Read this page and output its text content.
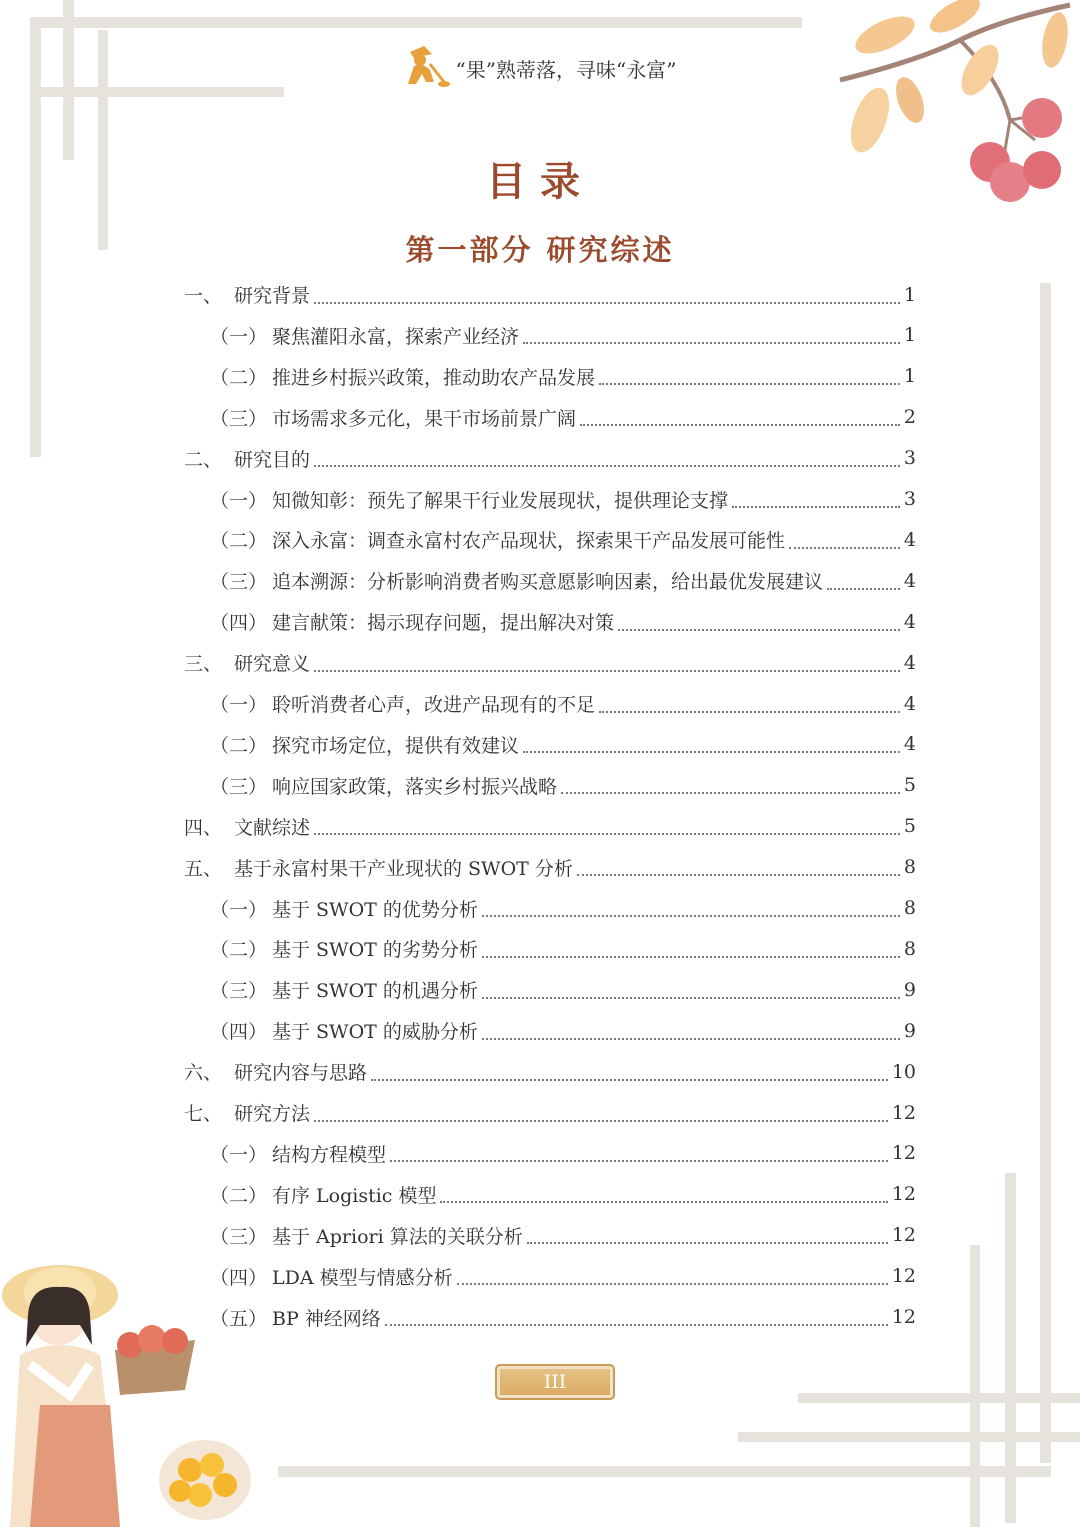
“果”熟蒂落，寻味“永富”
目录
第一部分 研究综述
一、 研究背景	1
（一） 聚焦灌阳永富，探索产业经济	1
（二） 推进乡村振兴政策，推动助农产品发展	1
（三） 市场需求多元化，果干市场前景广阔	2
二、 研究目的	3
（一） 知微知彰：预先了解果干行业发展现状，提供理论支撑	3
（二） 深入永富：调查永富村农产品现状，探索果干产品发展可能性	4
（三） 追本溯源：分析影响消费者购买意愿影响因素，给出最优发展建议	4
（四） 建言献策：揭示现存问题，提出解决对策	4
三、 研究意义	4
（一） 聆听消费者心声，改进产品现有的不足	4
（二） 探究市场定位，提供有效建议	4
（三） 响应国家政策，落实乡村振兴战略	5
四、 文献综述	5
五、 基于永富村果干产业现状的 SWOT 分析	8
（一） 基于 SWOT 的优势分析	8
（二） 基于 SWOT 的劣势分析	8
（三） 基于 SWOT 的机遇分析	9
（四） 基于 SWOT 的威胁分析	9
六、 研究内容与思路	10
七、 研究方法	12
（一） 结构方程模型	12
（二） 有序 Logistic 模型	12
（三） 基于 Apriori 算法的关联分析	12
（四） LDA 模型与情感分析	12
（五） BP 神经网络	12
III
